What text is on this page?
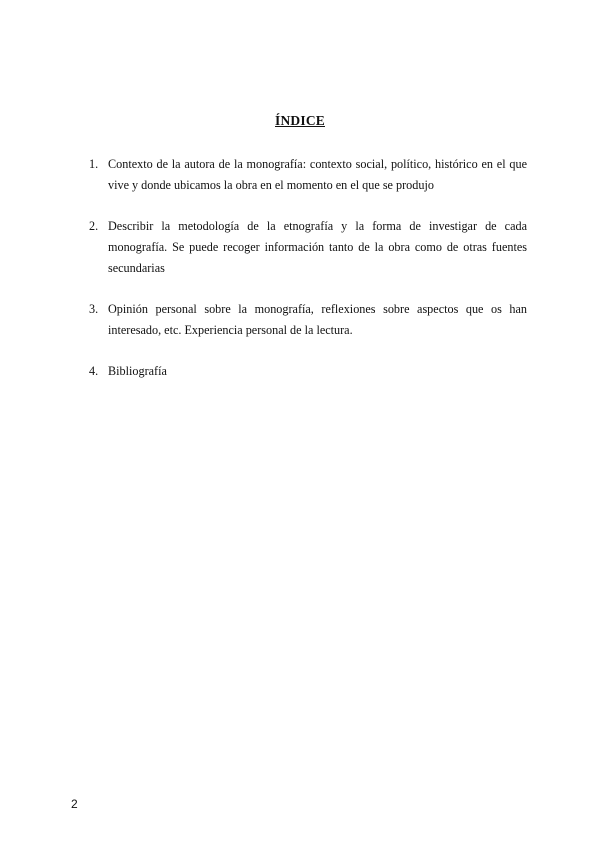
ÍNDICE
1. Contexto de la autora de la monografía: contexto social, político, histórico en el que vive y donde ubicamos la obra en el momento en el que se produjo
2. Describir la metodología de la etnografía y la forma de investigar de cada monografía. Se puede recoger información tanto de la obra como de otras fuentes secundarias
3. Opinión personal sobre la monografía, reflexiones sobre aspectos que os han interesado, etc. Experiencia personal de la lectura.
4. Bibliografía
2
